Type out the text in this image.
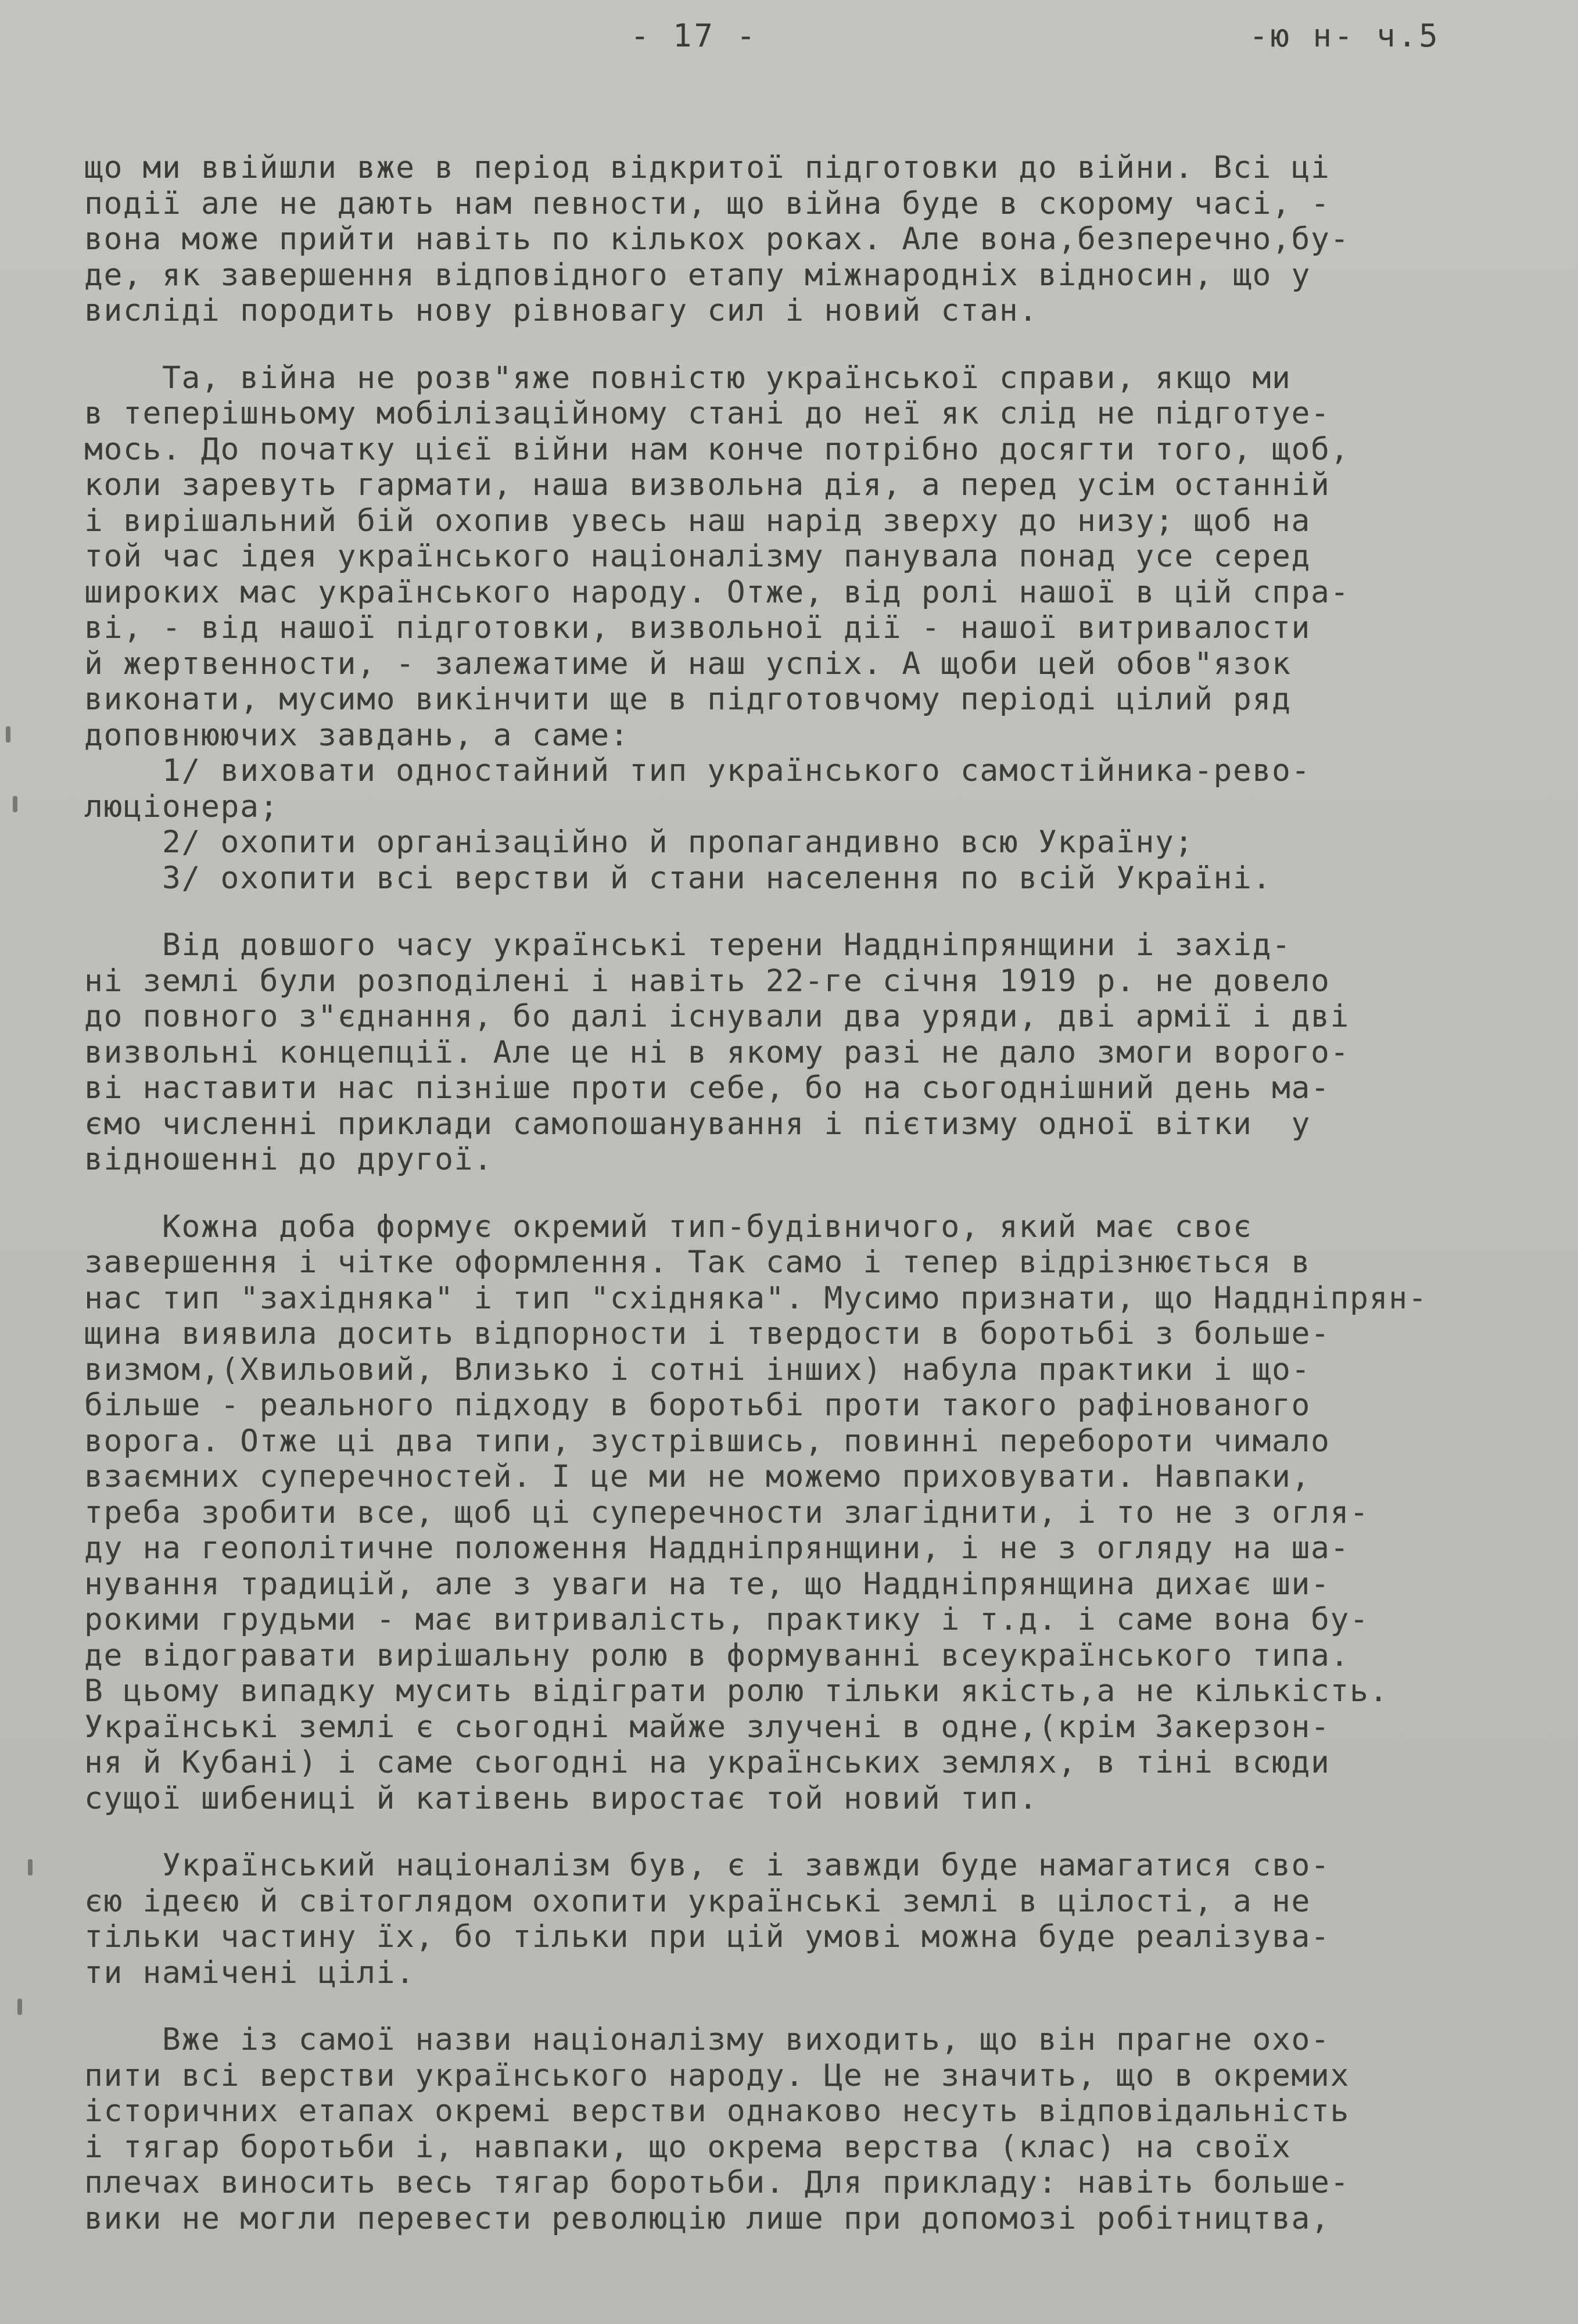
- 17 -	-ю н- ч.5
що ми ввійшли вже в період відкритої підготовки до війни. Всі ці
події але не дають нам певности, що війна буде в скорому часі, -
вона може прийти навіть по кількох роках. Але вона,безперечно,бу-
де, як завершення відповідного етапу міжнародніх відносин, що у
висліді породить нову рівновагу сил і новий стан.
Та, війна не розв"яже повністю української справи, якщо ми
в теперішньому мобілізаційному стані до неї як слід не підготуе-
мось. До початку цієї війни нам конче потрібно досягти того, щоб,
коли заревуть гармати, наша визвольна дія, а перед усім останній
і вирішальний бій охопив увесь наш нарід зверху до низу; щоб на
той час ідея українського націоналізму панувала понад усе серед
широких мас українського народу. Отже, від ролі нашої в цій спра-
ві, - від нашої підготовки, визвольної дії - нашої витривалости
й жертвенности, - залежатиме й наш успіх. А щоби цей обов"язок
виконати, мусимо викінчити ще в підготовчому періоді цілий ряд
доповнюючих завдань, а саме:
1/ виховати одностайний тип українського самостійника-рево-
люціонера;
2/ охопити організаційно й пропагандивно всю Україну;
3/ охопити всі верстви й стани населення по всій Україні.
Від довшого часу українські терени Наддніпрянщини і захід-
ні землі були розподілені і навіть 22-ге січня 1919 р. не довело
до повного з"єднання, бо далі існували два уряди, дві армії і дві
визвольні концепції. Але це ні в якому разі не дало змоги ворого-
ві наставити нас пізніше проти себе, бо на сьогоднішний день ма-
ємо численні приклади самопошанування і пієтизму одної вітки  у
відношенні до другої.
Кожна доба формує окремий тип-будівничого, який має своє
завершення і чітке оформлення. Так само і тепер відрізнюється в
нас тип "західняка" і тип "східняка". Мусимо признати, що Наддніпрян-
щина виявила досить відпорности і твердости в боротьбі з больше-
визмом,(Хвильовий, Влизько і сотні інших) набула практики і що-
більше - реального підходу в боротьбі проти такого рафінованого
ворога. Отже ці два типи, зустрівшись, повинні перебороти чимало
взаємних суперечностей. І це ми не можемо приховувати. Навпаки,
треба зробити все, щоб ці суперечности злагіднити, і то не з огля-
ду на геополітичне положення Наддніпрянщини, і не з огляду на ша-
нування традицій, але з уваги на те, що Наддніпрянщина дихає ши-
рокими грудьми - має витривалість, практику і т.д. і саме вона бу-
де відогравати вирішальну ролю в формуванні всеукраїнського типа.
В цьому випадку мусить відіграти ролю тільки якість,а не кількість.
Українські землі є сьогодні майже злучені в одне,(крім Закерзон-
ня й Кубані) і саме сьогодні на українських землях, в тіні всюди
сущої шибениці й катівень виростає той новий тип.
Український націоналізм був, є і завжди буде намагатися сво-
єю ідеєю й світоглядом охопити українські землі в цілості, а не
тільки частину їх, бо тільки при цій умові можна буде реалізува-
ти намічені цілі.
Вже із самої назви націоналізму виходить, що він прагне охо-
пити всі верстви українського народу. Це не значить, що в окремих
історичних етапах окремі верстви однаково несуть відповідальність
і тягар боротьби і, навпаки, що окрема верства (клас) на своїх
плечах виносить весь тягар боротьби. Для прикладу: навіть больше-
вики не могли перевести революцію лише при допомозі робітництва,
